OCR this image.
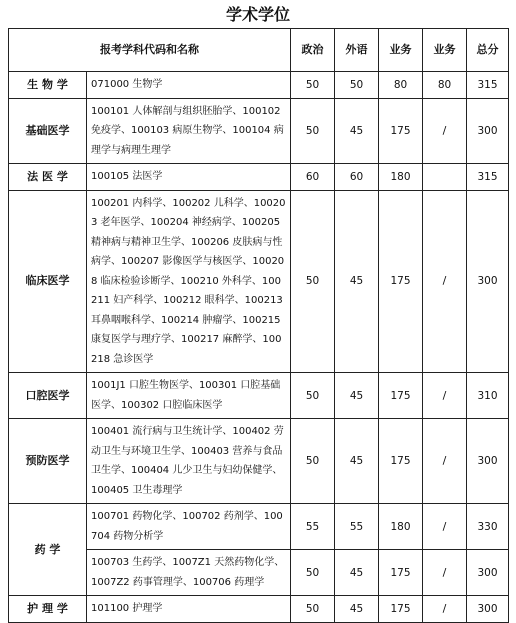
学术学位
报考学科代码和名称		政治	外语	业务	业务	总分
生 物 学	071000 生物学	50	50	80	80	315
基础医学	100101 人体解剖与组织胚胎学、100102 免疫学、100103 病原生物学、100104 病理学与病理生理学	50	45	175	/	300
法 医 学	100105 法医学	60	60	180		315
临床医学	100201 内科学、100202 儿科学、100203 老年医学、100204 神经病学、100205 精神病与精神卫生学、100206 皮肤病与性病学、100207 影像医学与核医学、100208 临床检验诊断学、100210 外科学、100211 妇产科学、100212 眼科学、100213 耳鼻咽喉科学、100214 肿瘤学、100215 康复医学与理疗学、100217 麻醉学、100218 急诊医学	50	45	175	/	300
口腔医学	1001J1 口腔生物医学、100301 口腔基础医学、100302 口腔临床医学	50	45	175	/	310
预防医学	100401 流行病与卫生统计学、100402 劳动卫生与环境卫生学、100403 营养与食品卫生学、100404 儿少卫生与妇幼保健学、100405 卫生毒理学	50	45	175	/	300
药 学	100701 药物化学、100702 药剂学、100704 药物分析学	55	55	180	/	330
	100703 生药学、1007Z1 天然药物化学、1007Z2 药事管理学、100706 药理学	50	45	175	/	300
护 理 学	101100 护理学	50	45	175	/	300
